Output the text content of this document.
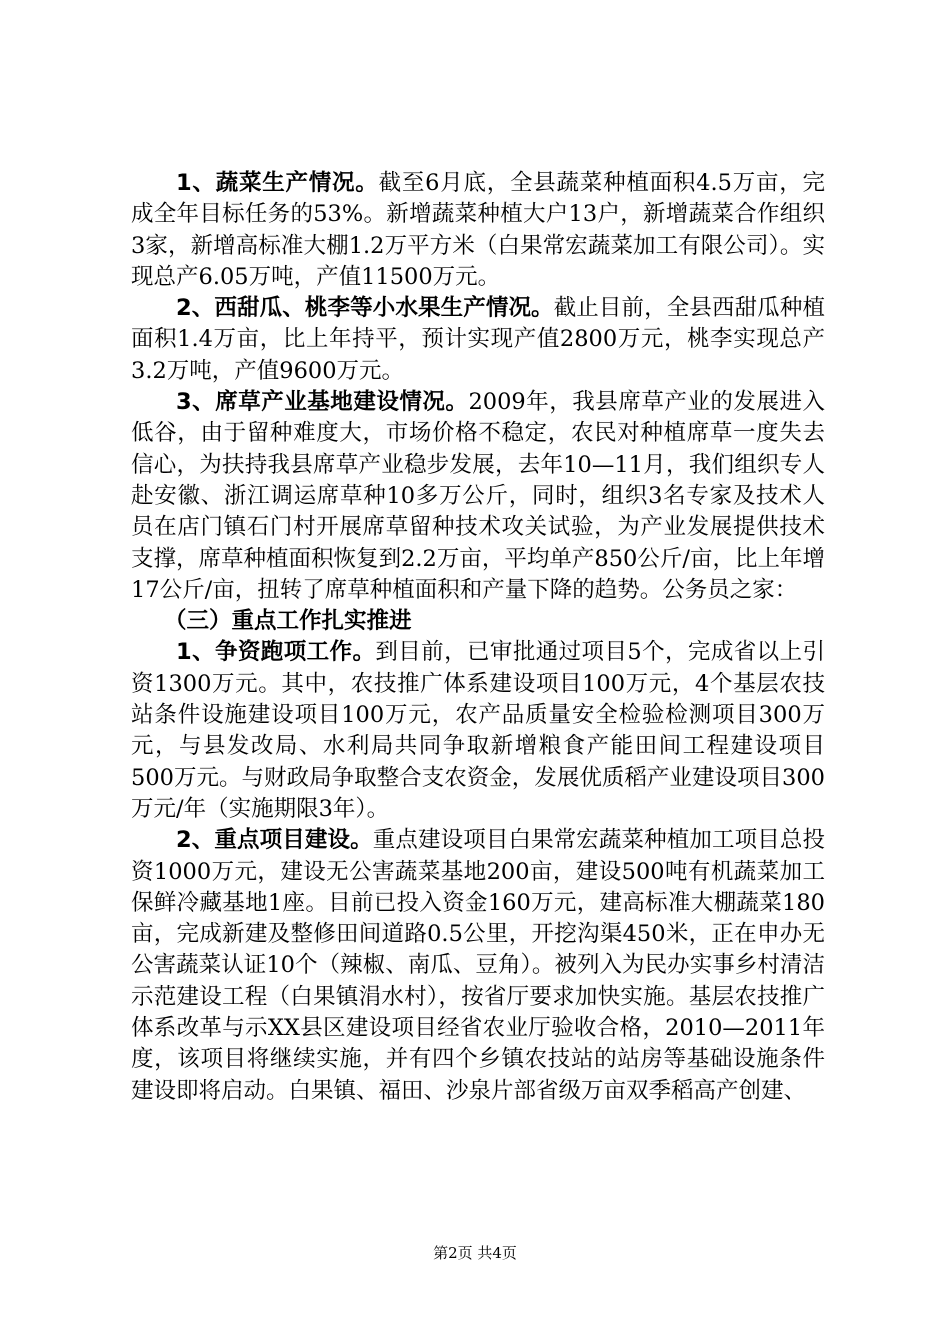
1、蔬菜生产情况。截至6月底，全县蔬菜种植面积4.5万亩，完成全年目标任务的53%。新增蔬菜种植大户13户，新增蔬菜合作组织3家，新增高标准大棚1.2万平方米（白果常宏蔬菜加工有限公司）。实现总产6.05万吨，产值11500万元。

2、西甜瓜、桃李等小水果生产情况。截止目前，全县西甜瓜种植面积1.4万亩，比上年持平，预计实现产值2800万元，桃李实现总产3.2万吨，产值9600万元。

3、席草产业基地建设情况。2009年，我县席草产业的发展进入低谷，由于留种难度大，市场价格不稳定，农民对种植席草一度失去信心，为扶持我县席草产业稳步发展，去年10—11月，我们组织专人赴安徽、浙江调运席草种10多万公斤，同时，组织3名专家及技术人员在店门镇石门村开展席草留种技术攻关试验，为产业发展提供技术支撑，席草种植面积恢复到2.2万亩，平均单产850公斤/亩，比上年增17公斤/亩，扭转了席草种植面积和产量下降的趋势。公务员之家：

（三）重点工作扎实推进

1、争资跑项工作。到目前，已审批通过项目5个，完成省以上引资1300万元。其中，农技推广体系建设项目100万元，4个基层农技站条件设施建设项目100万元，农产品质量安全检验检测项目300万元，与县发改局、水利局共同争取新增粮食产能田间工程建设项目500万元。与财政局争取整合支农资金，发展优质稻产业建设项目300万元/年（实施期限3年）。

2、重点项目建设。重点建设项目白果常宏蔬菜种植加工项目总投资1000万元，建设无公害蔬菜基地200亩，建设500吨有机蔬菜加工保鲜冷藏基地1座。目前已投入资金160万元，建高标准大棚蔬菜180亩，完成新建及整修田间道路0.5公里，开挖沟渠450米，正在申办无公害蔬菜认证10个（辣椒、南瓜、豆角）。被列入为民办实事乡村清洁示范建设工程（白果镇涓水村），按省厅要求加快实施。基层农技推广体系改革与示XX县区建设项目经省农业厅验收合格，2010—2011年度，该项目将继续实施，并有四个乡镇农技站的站房等基础设施条件建设即将启动。白果镇、福田、沙泉片部省级万亩双季稻高产创建、

第2页 共4页
